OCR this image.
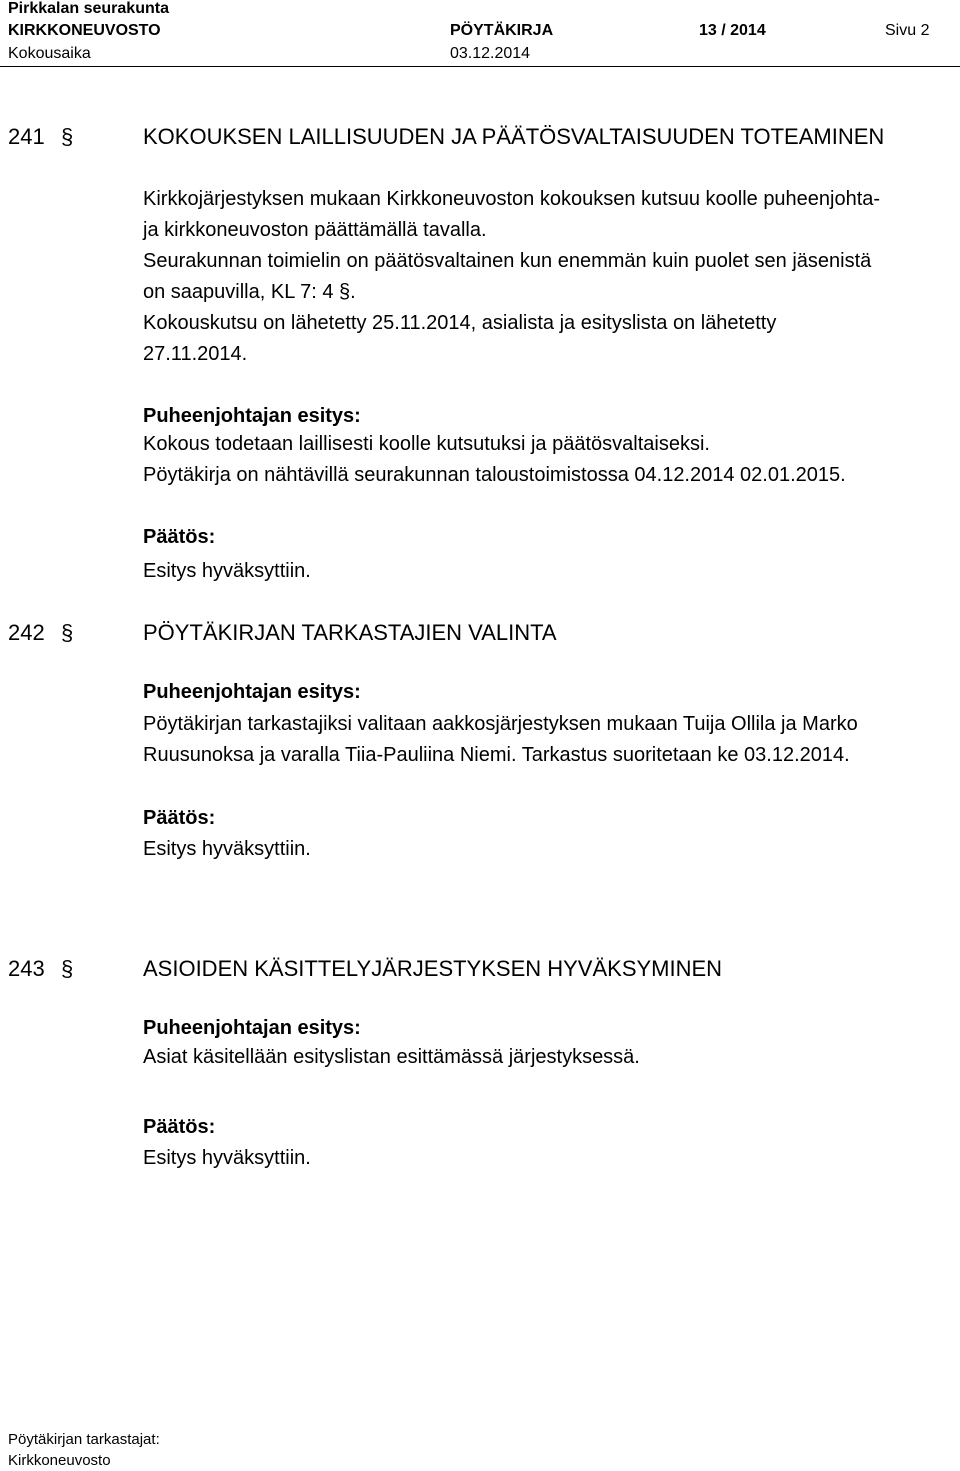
Pirkkalan seurakunta
KIRKKONEUVOSTO	PÖYTÄKIRJA	13 / 2014	Sivu 2
Kokousaika	03.12.2014
241 §	KOKOUKSEN LAILLISUUDEN JA PÄÄTÖSVALTAISUUDEN TOTEAMINEN

Kirkkojärjestyksen mukaan Kirkkoneuvoston kokouksen kutsuu koolle puheenjohta-

ja kirkkoneuvoston päättämällä tavalla.

Seurakunnan toimielin on päätösvaltainen kun enemmän kuin puolet sen jäsenistä

on saapuvilla, KL 7: 4 §.

Kokouskutsu on lähetetty 25.11.2014, asialista ja esityslista on lähetetty

27.11.2014.

Puheenjohtajan esitys:

Kokous todetaan laillisesti koolle kutsutuksi ja päätösvaltaiseksi.

Pöytäkirja on nähtävillä seurakunnan taloustoimistossa 04.12.2014 02.01.2015.

Päätös:
Esitys hyväksyttiin.
242 §	PÖYTÄKIRJAN TARKASTAJIEN VALINTA
Puheenjohtajan esitys:

Pöytäkirjan tarkastajiksi valitaan aakkosjärjestyksen mukaan Tuija Ollila ja Marko

Ruusunoksa ja varalla Tiia-Pauliina Niemi. Tarkastus suoritetaan ke 03.12.2014.

Päätös:
Esitys hyväksyttiin.
243 §	ASIOIDEN KÄSITTELYJÄRJESTYKSEN HYVÄKSYMINEN
Puheenjohtajan esitys:

Asiat käsitellään esityslistan esittämässä järjestyksessä.

Päätös:
Esitys hyväksyttiin.
Pöytäkirjan tarkastajat:
Kirkkoneuvosto
